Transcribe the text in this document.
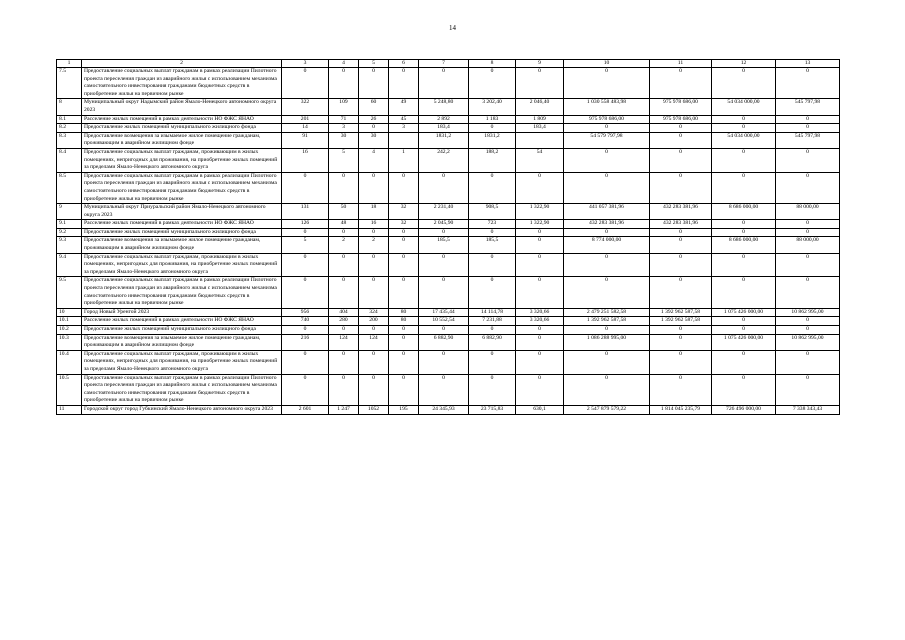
14
1	2	3	4	5	6	7	8	9	10	11	12	13
7.5	Предоставление социальных выплат гражданам в рамках реализации Пилотного проекта переселения граждан из аварийного жилья с использованием механизма самостоятельного инвестирования гражданами бюджетных средств в приобретение жилья на первичном рынке	0	0	0	0	0	0	0	0	0	0	0
8	Муниципальный округ Надымский район Ямало-Ненецкого автономного округа 2023	322	109	60	49	5 248,80	3 202,40	2 046,40	1 030 558 483,98	975 978 686,00	54 034 000,00	545 797,98
8.1	Расселение жилых помещений в рамках деятельности НО ФЖС ЯНАО	201	71	26	45	2 892	1 183	1 809	975 978 686,00	975 978 686,00	0	0
8.2	Предоставление жилых помещений муниципального жилищного фонда	14	3	0	3	183,4	0	183,4	0	0	0	0
8.3	Предоставление возмещения за изымаемое жилое помещение гражданам, проживающим в аварийном жилищном фонде	91	30	30		1831,2	1831,2		54 579 797,98	0	54 034 000,00	545 797,98
8.4	Предоставление социальных выплат гражданам, проживающим в жилых помещениях, непригодных для проживания, на приобретение жилых помещений за пределами Ямало-Ненецкого автономного округа	16	5	4	1	242,2	188,2	54	0	0	0	0
8.5	Предоставление социальных выплат гражданам в рамках реализации Пилотного проекта переселения граждан из аварийного жилья с использованием механизма самостоятельного инвестирования гражданами бюджетных средств в приобретение жилья на первичном рынке	0	0	0	0	0	0	0	0	0	0	0
9	Муниципальный округ Приуральский район Ямало-Ненецкого автономного округа 2023	131	50	18	32	2 231,40	908,5	1 322,90	441 057 381,96	432 283 381,96	8 686 000,00	88 000,00
9.1	Расселение жилых помещений в рамках деятельности НО ФЖС ЯНАО	126	48	16	32	2 045,90	723	1 322,90	432 283 381,96	432 283 381,96	0	0
9.2	Предоставление жилых помещений муниципального жилищного фонда	0	0	0	0	0	0	0	0	0	0	0
9.3	Предоставление возмещения за изымаемое жилое помещение гражданам, проживающим в аварийном жилищном фонде	5	2	2	0	185,5	185,5	0	8 774 000,00	0	8 686 000,00	88 000,00
9.4	Предоставление социальных выплат гражданам, проживающим в жилых помещениях, непригодных для проживания, на приобретение жилых помещений за пределами Ямало-Ненецкого автономного округа	0	0	0	0	0	0	0	0	0	0	0
9.5	Предоставление социальных выплат гражданам в рамках реализации Пилотного проекта переселения граждан из аварийного жилья с использованием механизма самостоятельного инвестирования гражданами бюджетных средств в приобретение жилья на первичном рынке	0	0	0	0	0	0	0	0	0	0	0
10	Город Новый Уренгой 2023	956	404	324	80	17 435,44	14 114,78	3 320,66	2 479 251 582,58	1 392 962 587,58	1 075 426 000,00	10 862 995,00
10.1	Расселение жилых помещений в рамках деятельности НО ФЖС ЯНАО	740	280	200	80	10 552,54	7 231,88	3 320,66	1 392 962 587,58	1 392 962 587,58	0	0
10.2	Предоставление жилых помещений муниципального жилищного фонда	0	0	0	0	0	0	0	0	0	0	0
10.3	Предоставление возмещения за изымаемое жилое помещение гражданам, проживающим в аварийном жилищном фонде	216	124	124	0	6 882,90	6 882,90	0	1 086 288 995,00	0	1 075 426 000,00	10 862 995,00
10.4	Предоставление социальных выплат гражданам, проживающим в жилых помещениях, непригодных для проживания, на приобретение жилых помещений за пределами Ямало-Ненецкого автономного округа	0	0	0	0	0	0	0	0	0	0	0
10.5	Предоставление социальных выплат гражданам в рамках реализации Пилотного проекта переселения граждан из аварийного жилья с использованием механизма самостоятельного инвестирования гражданами бюджетных средств в приобретение жилья на первичном рынке	0	0	0	0	0	0	0	0	0	0	0
11	Городской округ город Губкинский Ямало-Ненецкого автономного округа 2023	2 601	1 247	1052	195	24 345,93	23 715,83	630,1	2 547 879 579,22	1 814 045 235,79	726 496 000,00	7 338 343,43
